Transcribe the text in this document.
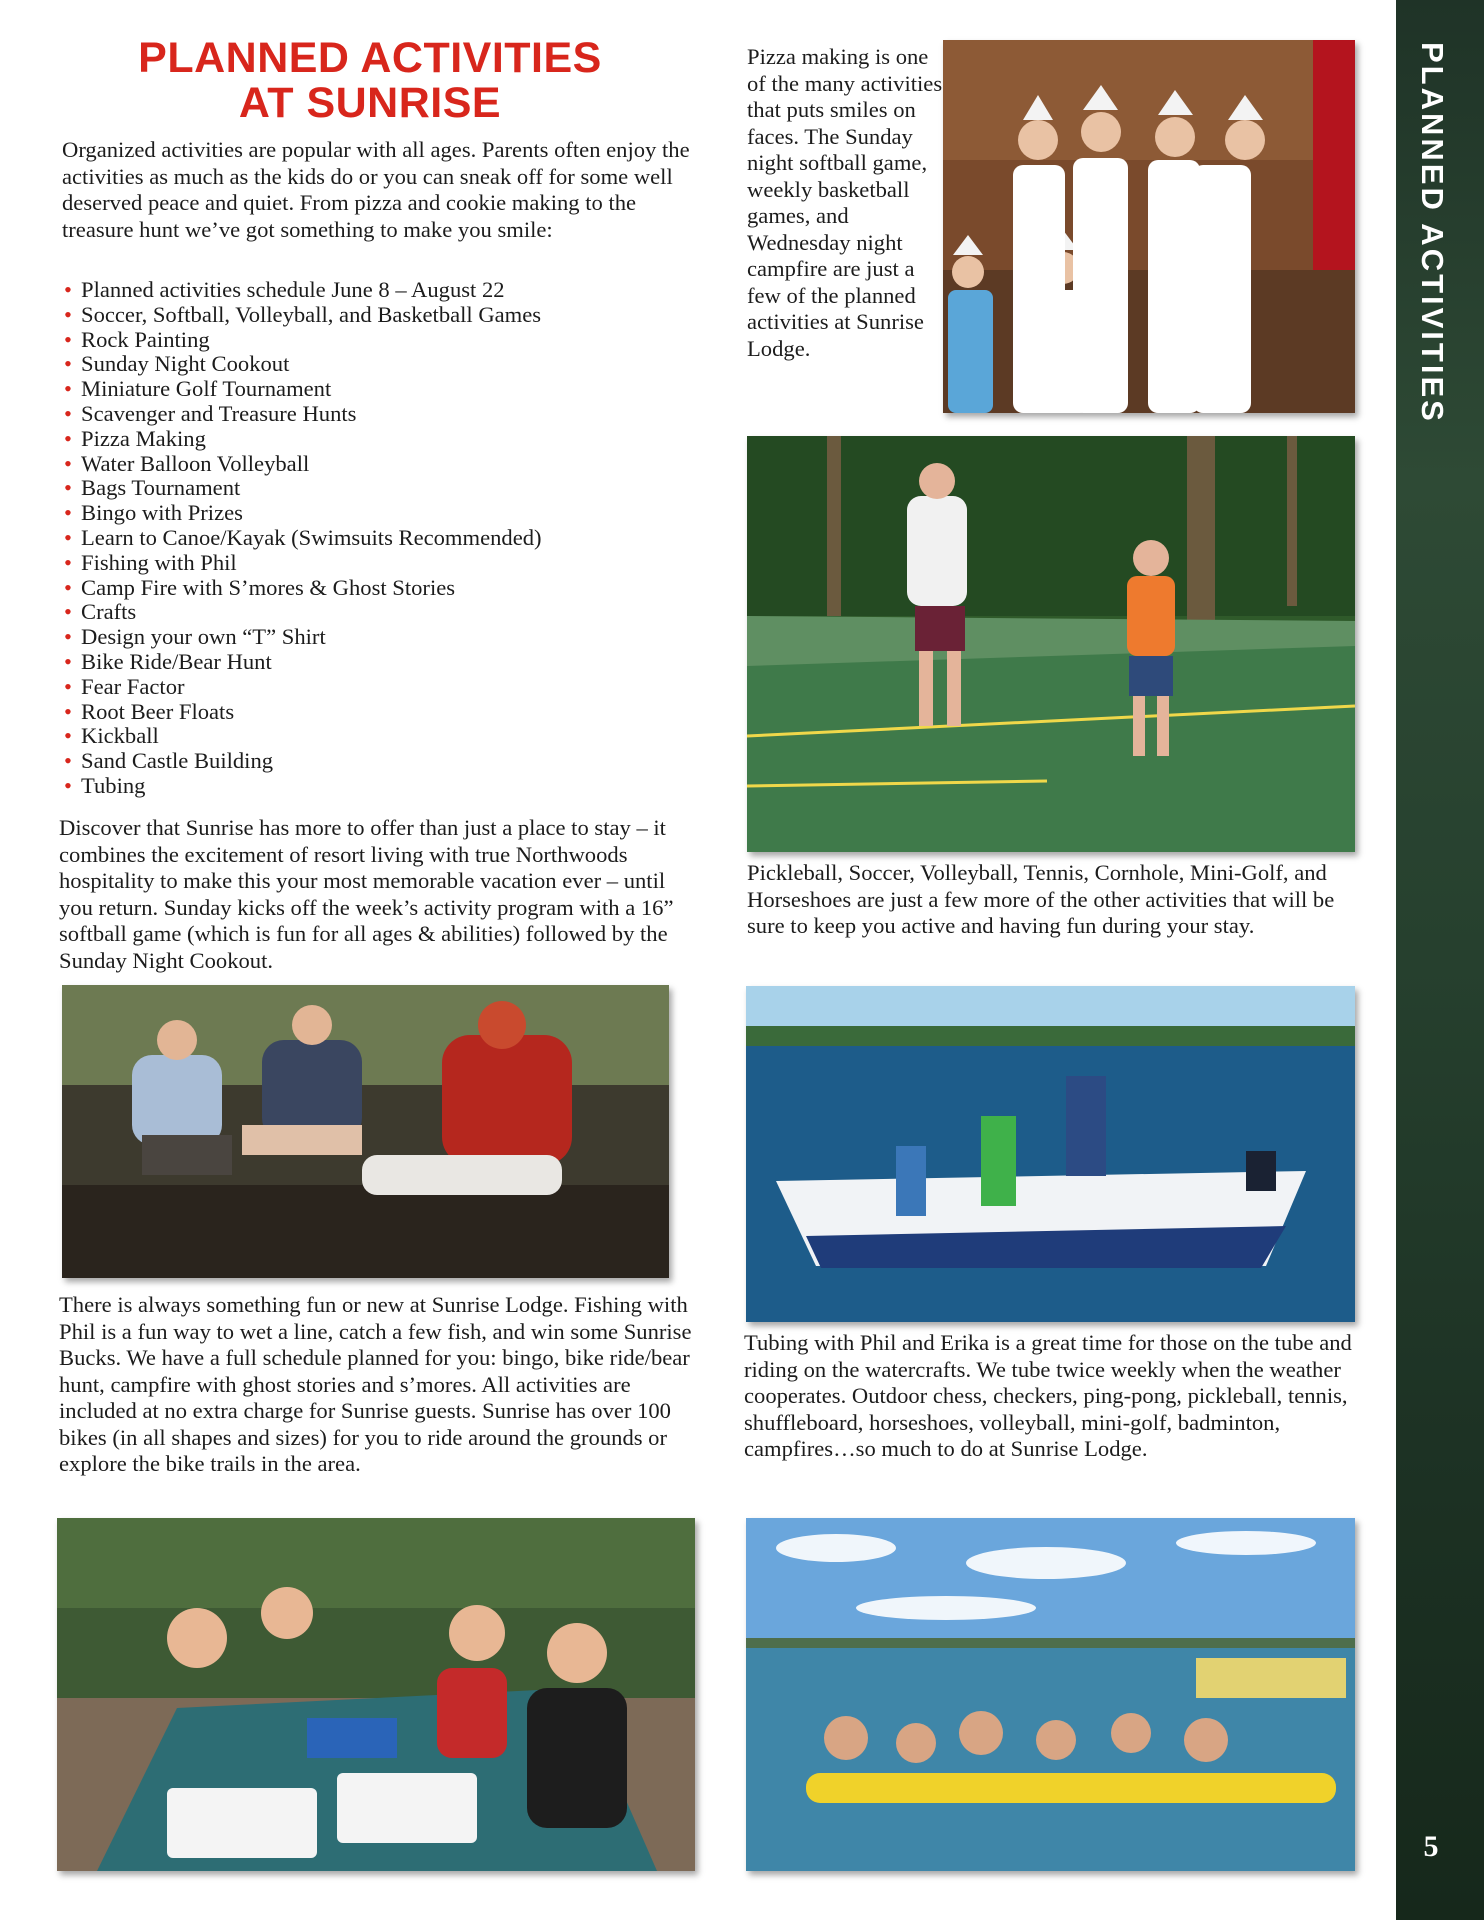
PLANNED ACTIVITIES
AT SUNRISE

Organized activities are popular with all ages. Parents often enjoy the activities as much as the kids do or you can sneak off for some well deserved peace and quiet. From pizza and cookie making to the treasure hunt we’ve got something to make you smile:

• Planned activities schedule June 8 – August 22
• Soccer, Softball, Volleyball, and Basketball Games
• Rock Painting
• Sunday Night Cookout
• Miniature Golf Tournament
• Scavenger and Treasure Hunts
• Pizza Making
• Water Balloon Volleyball
• Bags Tournament
• Bingo with Prizes
• Learn to Canoe/Kayak (Swimsuits Recommended)
• Fishing with Phil
• Camp Fire with S’mores & Ghost Stories
• Crafts
• Design your own “T” Shirt
• Bike Ride/Bear Hunt
• Fear Factor
• Root Beer Floats
• Kickball
• Sand Castle Building
• Tubing

Discover that Sunrise has more to offer than just a place to stay – it combines the excitement of resort living with true Northwoods hospitality to make this your most memorable vacation ever – until you return. Sunday kicks off the week’s activity program with a 16” softball game (which is fun for all ages & abilities) followed by the Sunday Night Cookout.

There is always something fun or new at Sunrise Lodge. Fishing with Phil is a fun way to wet a line, catch a few fish, and win some Sunrise Bucks. We have a full schedule planned for you: bingo, bike ride/bear hunt, campfire with ghost stories and s’mores. All activities are included at no extra charge for Sunrise guests. Sunrise has over 100 bikes (in all shapes and sizes) for you to ride around the grounds or explore the bike trails in the area.

Pizza making is one of the many activities that puts smiles on faces. The Sunday night softball game, weekly basketball games, and Wednesday night campfire are just a few of the planned activities at Sunrise Lodge.

Pickleball, Soccer, Volleyball, Tennis, Cornhole, Mini-Golf, and Horseshoes are just a few more of the other activities that will be sure to keep you active and having fun during your stay.

Tubing with Phil and Erika is a great time for those on the tube and riding on the watercrafts. We tube twice weekly when the weather cooperates. Outdoor chess, checkers, ping-pong, pickleball, tennis, shuffleboard, horseshoes, volleyball, mini-golf, badminton, campfires…so much to do at Sunrise Lodge.

PLANNED ACTIVITIES
5
